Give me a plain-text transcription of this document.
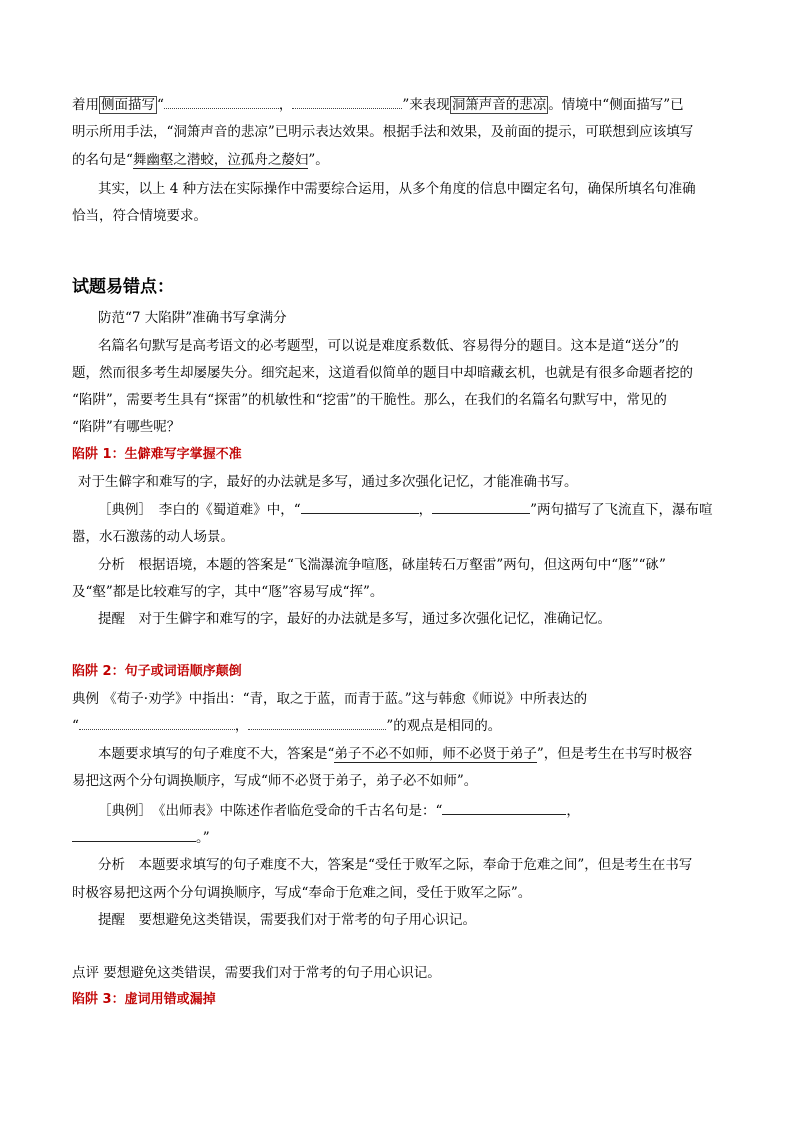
着用 侧面描写 “	，	”来表现 洞箫声音的悲凉 。情境中“侧面描写”已
明示所用手法，“洞箫声音的悲凉”已明示表达效果。根据手法和效果，及前面的提示，可联想到应该填写
的名句是“舞幽壑之潜蛟，泣孤舟之嫠妇”。
其实，以上 4 种方法在实际操作中需要综合运用，从多个角度的信息中圈定名句，确保所填名句准确
恰当，符合情境要求。
试题易错点：
防范“7 大陷阱”准确书写拿满分
名篇名句默写是高考语文的必考题型，可以说是难度系数低、容易得分的题目。这本是道“送分”的
题，然而很多考生却屡屡失分。细究起来，这道看似简单的题目中却暗藏玄机，也就是有很多命题者挖的
“陷阱”，需要考生具有“探雷”的机敏性和“挖雷”的干脆性。那么，在我们的名篇名句默写中，常见的
“陷阱”有哪些呢？
陷阱 1：生僻难写字掌握不准
对于生僻字和难写的字，最好的办法就是多写，通过多次强化记忆，才能准确书写。
［典例］　李白的《蜀道难》中，“	，	”两句描写了飞流直下，瀑布喧
嚣，水石激荡的动人场景。
分析　根据语境，本题的答案是“飞湍瀑流争喧豗，砯崖转石万壑雷”两句，但这两句中“豗”“砯”
及“壑”都是比较难写的字，其中“豗”容易写成“挥”。
提醒　对于生僻字和难写的字，最好的办法就是多写，通过多次强化记忆，准确记忆。
陷阱 2：句子或词语顺序颠倒
典例 《荀子·劝学》中指出：“青，取之于蓝，而青于蓝。”这与韩愈《师说》中所表达的
“	，	”的观点是相同的。
本题要求填写的句子难度不大，答案是“弟子不必不如师，师不必贤于弟子”，但是考生在书写时极容
易把这两个分句调换顺序，写成“师不必贤于弟子，弟子必不如师”。
［典例］　《出师表》中陈述作者临危受命的千古名句是：“	，
。”
分析　本题要求填写的句子难度不大，答案是“受任于败军之际，奉命于危难之间”，但是考生在书写
时极容易把这两个分句调换顺序，写成“奉命于危难之间，受任于败军之际”。
提醒　要想避免这类错误，需要我们对于常考的句子用心识记。
点评 要想避免这类错误，需要我们对于常考的句子用心识记。
陷阱 3：虚词用错或漏掉
